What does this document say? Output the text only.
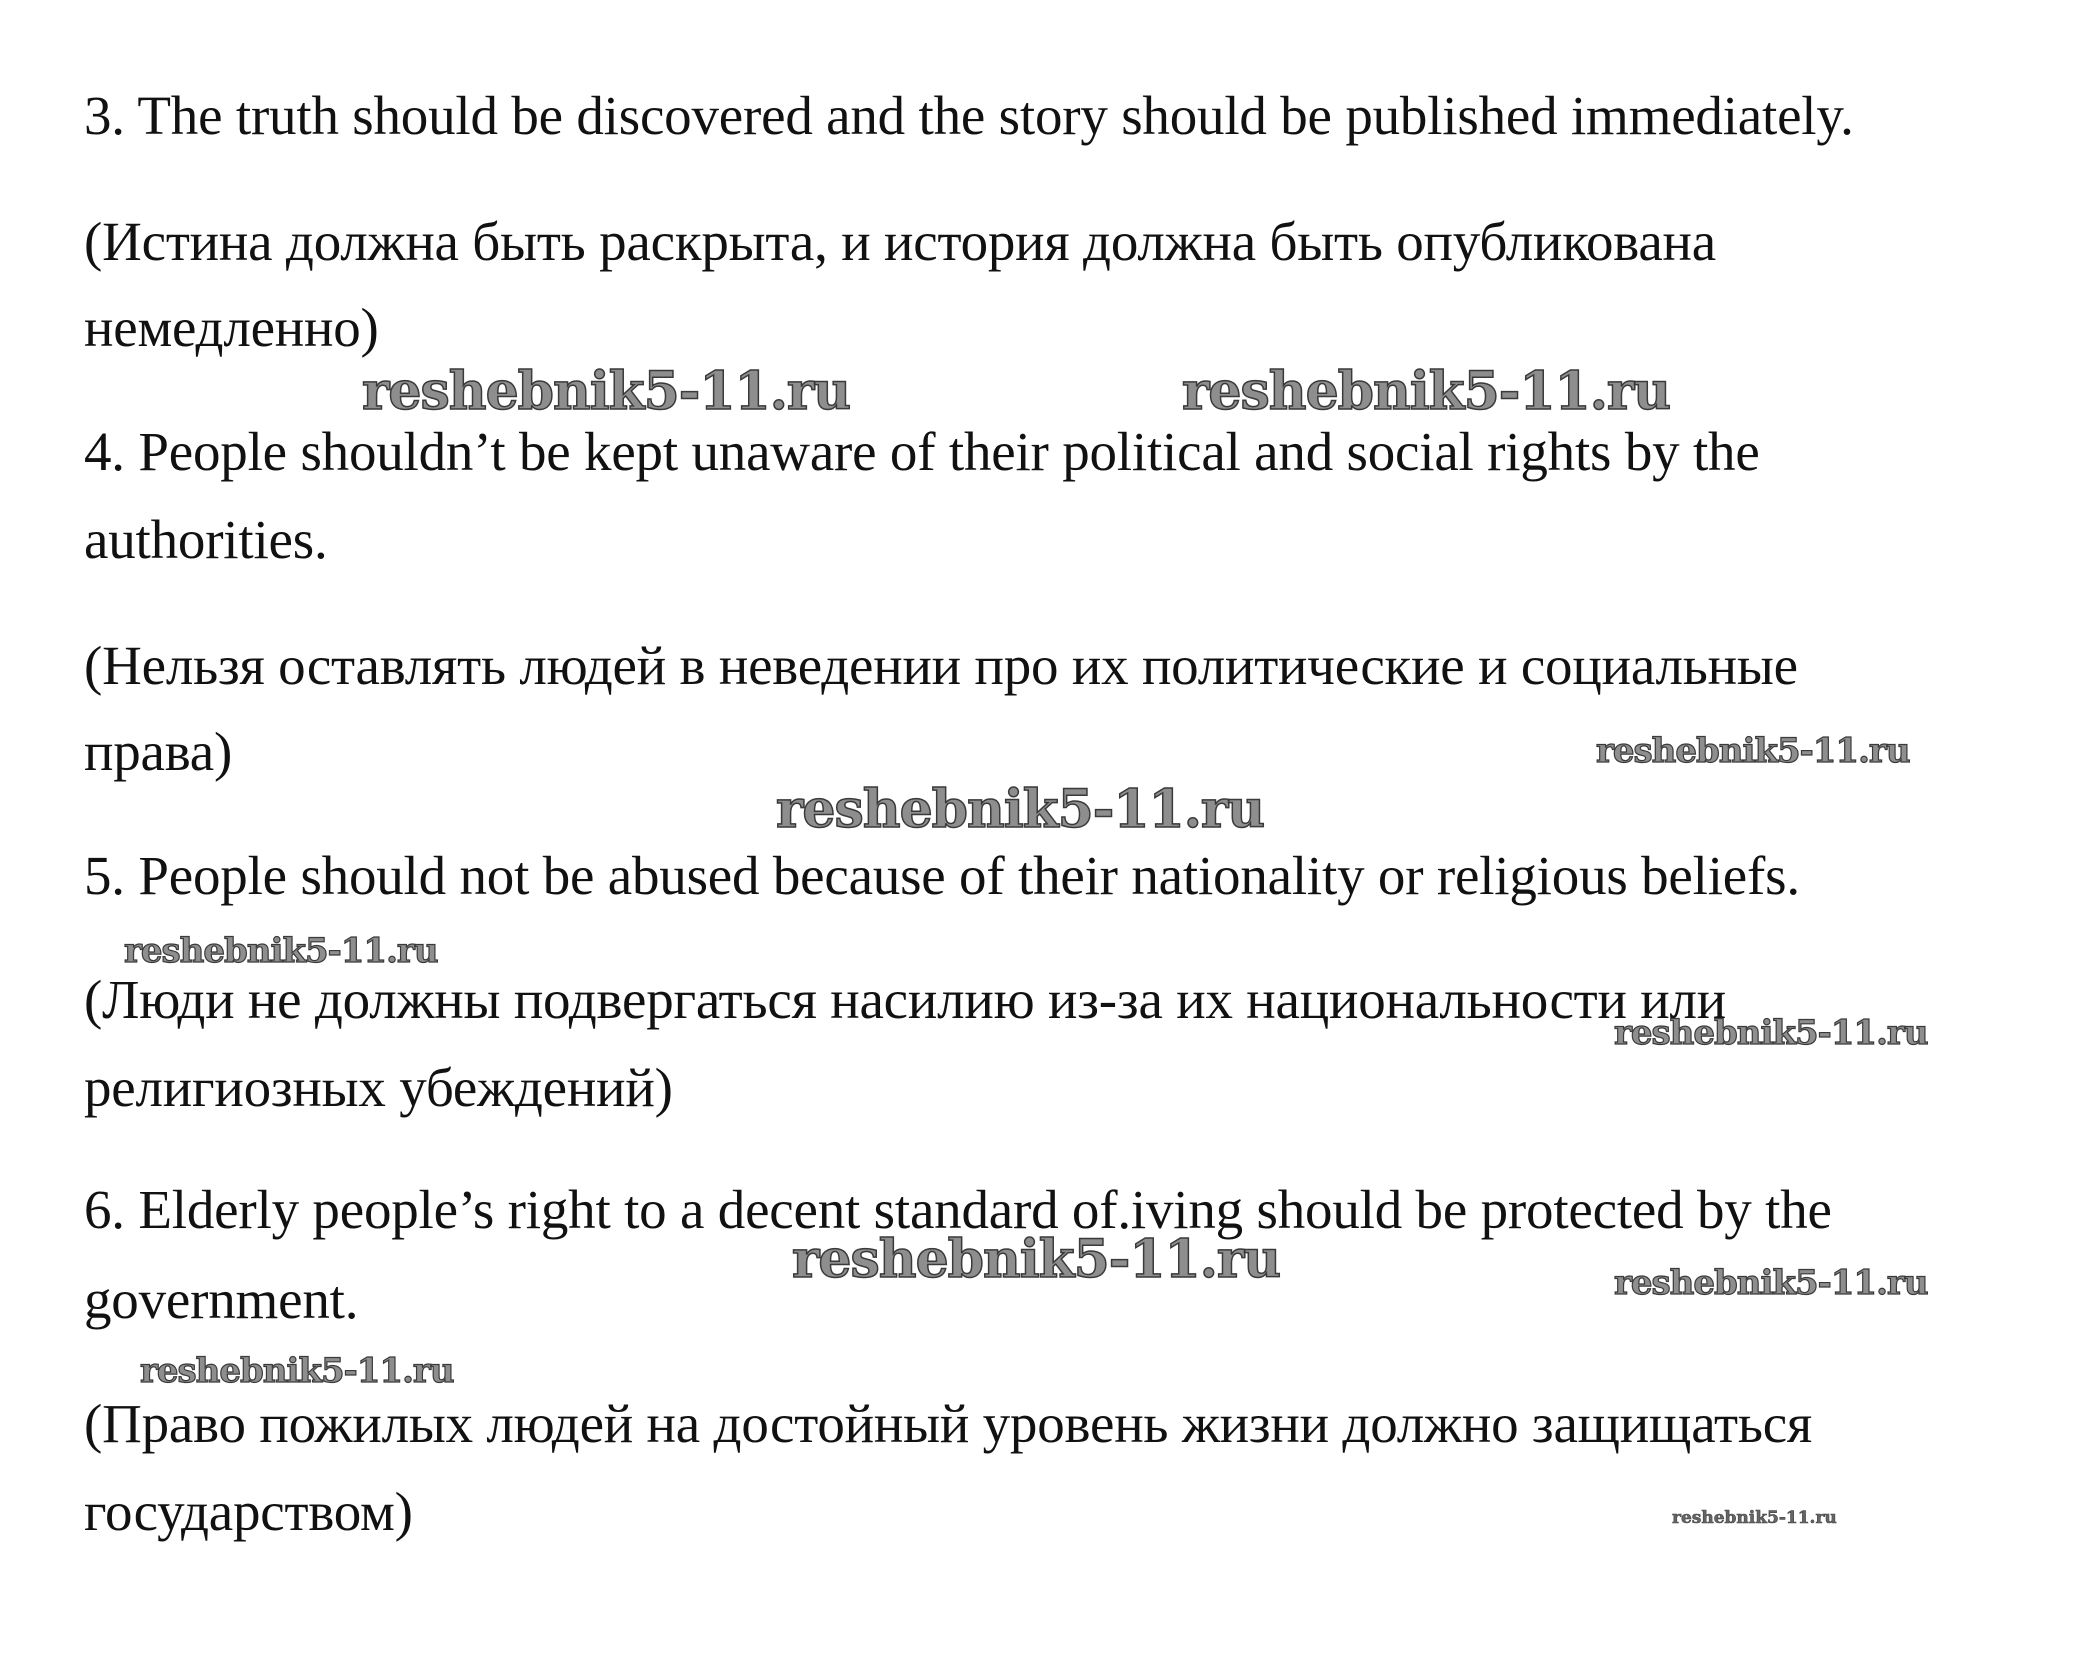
3. The truth should be discovered and the story should be published immediately.
(Истина должна быть раскрыта, и история должна быть опубликована
немедленно)
4. People shouldn’t be kept unaware of their political and social rights by the
authorities.
(Нельзя оставлять людей в неведении про их политические и социальные
права)
5. People should not be abused because of their nationality or religious beliefs.
(Люди не должны подвергаться насилию из-за их национальности или
религиозных убеждений)
6. Elderly people’s right to a decent standard of.iving should be protected by the
government.
(Право пожилых людей на достойный уровень жизни должно защищаться
государством)
reshebnik5-11.ru	reshebnik5-11.ru
reshebnik5-11.ru
reshebnik5-11.ru
reshebnik5-11.ru
reshebnik5-11.ru
reshebnik5-11.ru	reshebnik5-11.ru
reshebnik5-11.ru
reshebnik5-11.ru
